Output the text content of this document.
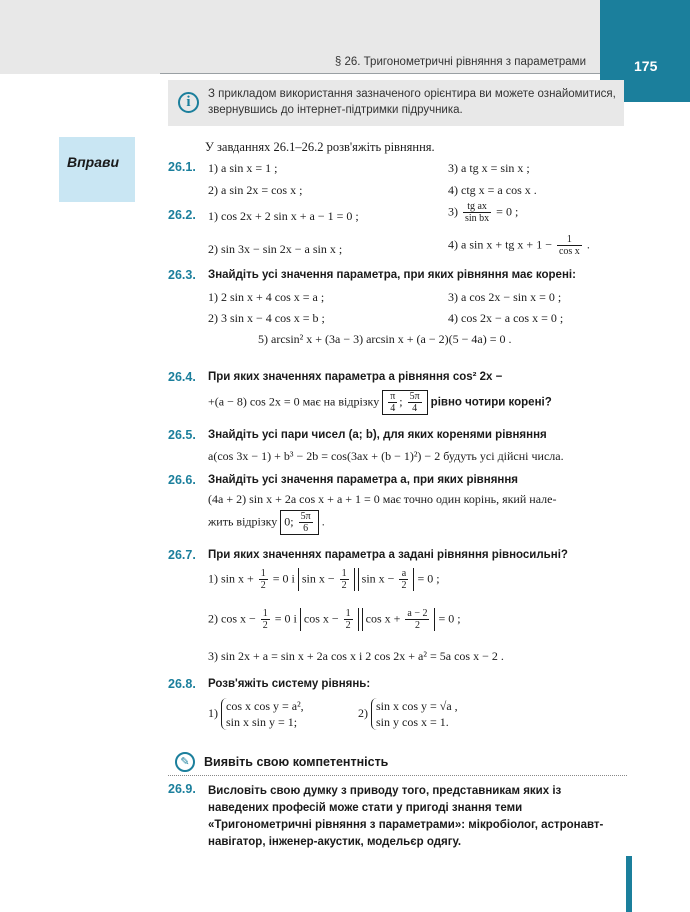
§ 26. Тригонометричні рівняння з параметрами	175
i	З прикладом використання зазначеного орієнтира ви можете ознайомитися, звернувшись до інтернет-підтримки підручника.
Вправи
У завданнях 26.1–26.2 розв'яжіть рівняння.
26.1. 1) a sin x = 1 ;	3) a tg x = sin x ;
2) a sin 2x = cos x ;	4) ctg x = a cos x .
26.2. 1) cos 2x + 2 sin x + a − 1 = 0 ;	$3) \frac{\text{tg ax}}{\text{sin bx}} = 0$ ;
2) sin 3x − sin 2x − a sin x ;	4) a sin x + tg $x + 1 - \frac{1}{\text{cos x}}$ .
26.3. Знайдіть усі значення параметра, при яких рівняння має корені:
1) 2 sin x + 4 cos x = a ;	3) a cos 2x − sin x = 0 ;
2) 3 sin x − 4 cos x = b ;	4) cos 2x − a cos x = 0 ;
5) arcsin² x + (3a − 3) arcsin x + (a − 2)(5 − 4a) = 0 .
26.4. При яких значеннях параметра a рівняння cos² 2x −
+(a − 8) cos 2x = 0 має на відрізку $\frac{\pi}{4}$ ; $\frac{5\pi}{4}$ рівно чотири корені?
26.5. Знайдіть усі пари чисел (a; b), для яких коренями рівняння
a(cos 3x − 1) + b³ − 2b = cos(3ax + (b − 1)²) − 2 будуть усі дійсні числа.
26.6. Знайдіть усі значення параметра a, при яких рівняння
(4a + 2) sin x + 2a cos x + a + 1 = 0 має точно один корінь, який нале-
жить відрізку 0; $\frac{5\pi}{6}$ .
26.7. При яких значеннях параметра a задані рівняння рівносильні?
1) $\sin x + \frac{1}{2} = 0$ і $\sin x - \frac{1}{2}$ $\sin x - \frac{a}{2} = 0$ ;
2) $\cos x - \frac{1}{2} = 0$ і $\cos x - \frac{1}{2}$ $\cos x + \frac{a - 2}{2} = 0$ ;
3) sin 2x + a = sin x + 2a cos x і 2 cos 2x + a² = 5a cos x − 2 .
26.8. Розв'яжіть систему рівнянь:
1) cos x cos y = a²,
sin x sin y = 1;
2) sin x cos y = √a ,
sin y cos x = 1.
✎	Виявіть свою компетентність
26.9. Висловіть свою думку з приводу того, представникам яких із наведених професій може стати у пригоді знання теми «Тригонометричні рівняння з параметрами»: мікробіолог, астронавт-навігатор, інженер-акустик, модельєр одягу.
